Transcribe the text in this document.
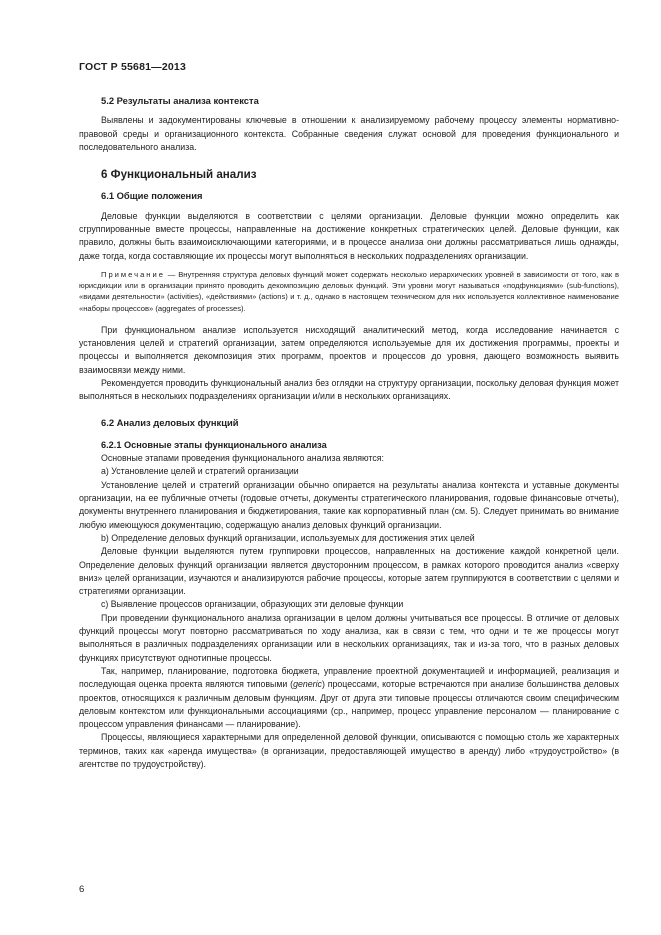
ГОСТ Р 55681—2013
5.2 Результаты анализа контекста

Выявлены и задокументированы ключевые в отношении к анализируемому рабочему процессу элементы нормативно-правовой среды и организационного контекста. Собранные сведения служат основой для проведения функционального и последовательного анализа.

6 Функциональный анализ
6.1 Общие положения

Деловые функции выделяются в соответствии с целями организации. Деловые функции можно определить как сгруппированные вместе процессы, направленные на достижение конкретных стратегических целей. Деловые функции, как правило, должны быть взаимоисключающими категориями, и в процессе анализа они должны рассматриваться лишь однажды, даже тогда, когда составляющие их процессы могут выполняться в нескольких подразделениях организации.

Примечание — Внутренняя структура деловых функций может содержать несколько иерархических уровней в зависимости от того, как в юрисдикции или в организации принято проводить декомпозицию деловых функций. Эти уровни могут называться «подфункциями» (sub-functions), «видами деятельности» (activities), «действиями» (actions) и т. д., однако в настоящем техническом для них используется коллективное наименование «наборы процессов» (aggregates of processes).

При функциональном анализе используется нисходящий аналитический метод, когда исследование начинается с установления целей и стратегий организации, затем определяются используемые для их достижения программы, проекты и процессы и выполняется декомпозиция этих программ, проектов и процессов до уровня, дающего возможность выявить взаимосвязи между ними.

Рекомендуется проводить функциональный анализ без оглядки на структуру организации, поскольку деловая функция может выполняться в нескольких подразделениях организации и/или в нескольких организациях.

6.2 Анализ деловых функций
6.2.1 Основные этапы функционального анализа

Основные этапами проведения функционального анализа являются:

а) Установление целей и стратегий организации

Установление целей и стратегий организации обычно опирается на результаты анализа контекста и уставные документы организации, на ее публичные отчеты (годовые отчеты, документы стратегического планирования, годовые финансовые отчеты), документы внутреннего планирования и бюджетирования, такие как корпоративный план (см. 5). Следует принимать во внимание любую имеющуюся документацию, содержащую анализ деловых функций организации.

b) Определение деловых функций организации, используемых для достижения этих целей

Деловые функции выделяются путем группировки процессов, направленных на достижение каждой конкретной цели. Определение деловых функций организации является двусторонним процессом, в рамках которого проводится анализ «сверху вниз» целей организации, изучаются и анализируются рабочие процессы, которые затем группируются в соответствии с целями и стратегиями организации.

с) Выявление процессов организации, образующих эти деловые функции

При проведении функционального анализа организации в целом должны учитываться все процессы. В отличие от деловых функций процессы могут повторно рассматриваться по ходу анализа, как в связи с тем, что одни и те же процессы могут выполняться в различных подразделениях организации или в нескольких организациях, так и из-за того, что в разных деловых функциях присутствуют однотипные процессы.

Так, например, планирование, подготовка бюджета, управление проектной документацией и информацией, реализация и последующая оценка проекта являются типовыми (generic) процессами, которые встречаются при анализе большинства деловых проектов, относящихся к различным деловым функциям. Друг от друга эти типовые процессы отличаются своим специфическим деловым контекстом или функциональными ассоциациями (ср., например, процесс управление персоналом — планирование с процессом управления финансами — планирование).

Процессы, являющиеся характерными для определенной деловой функции, описываются с помощью столь же характерных терминов, таких как «аренда имущества» (в организации, предоставляющей имущество в аренду) либо «трудоустройство» (в агентстве по трудоустройству).

6
